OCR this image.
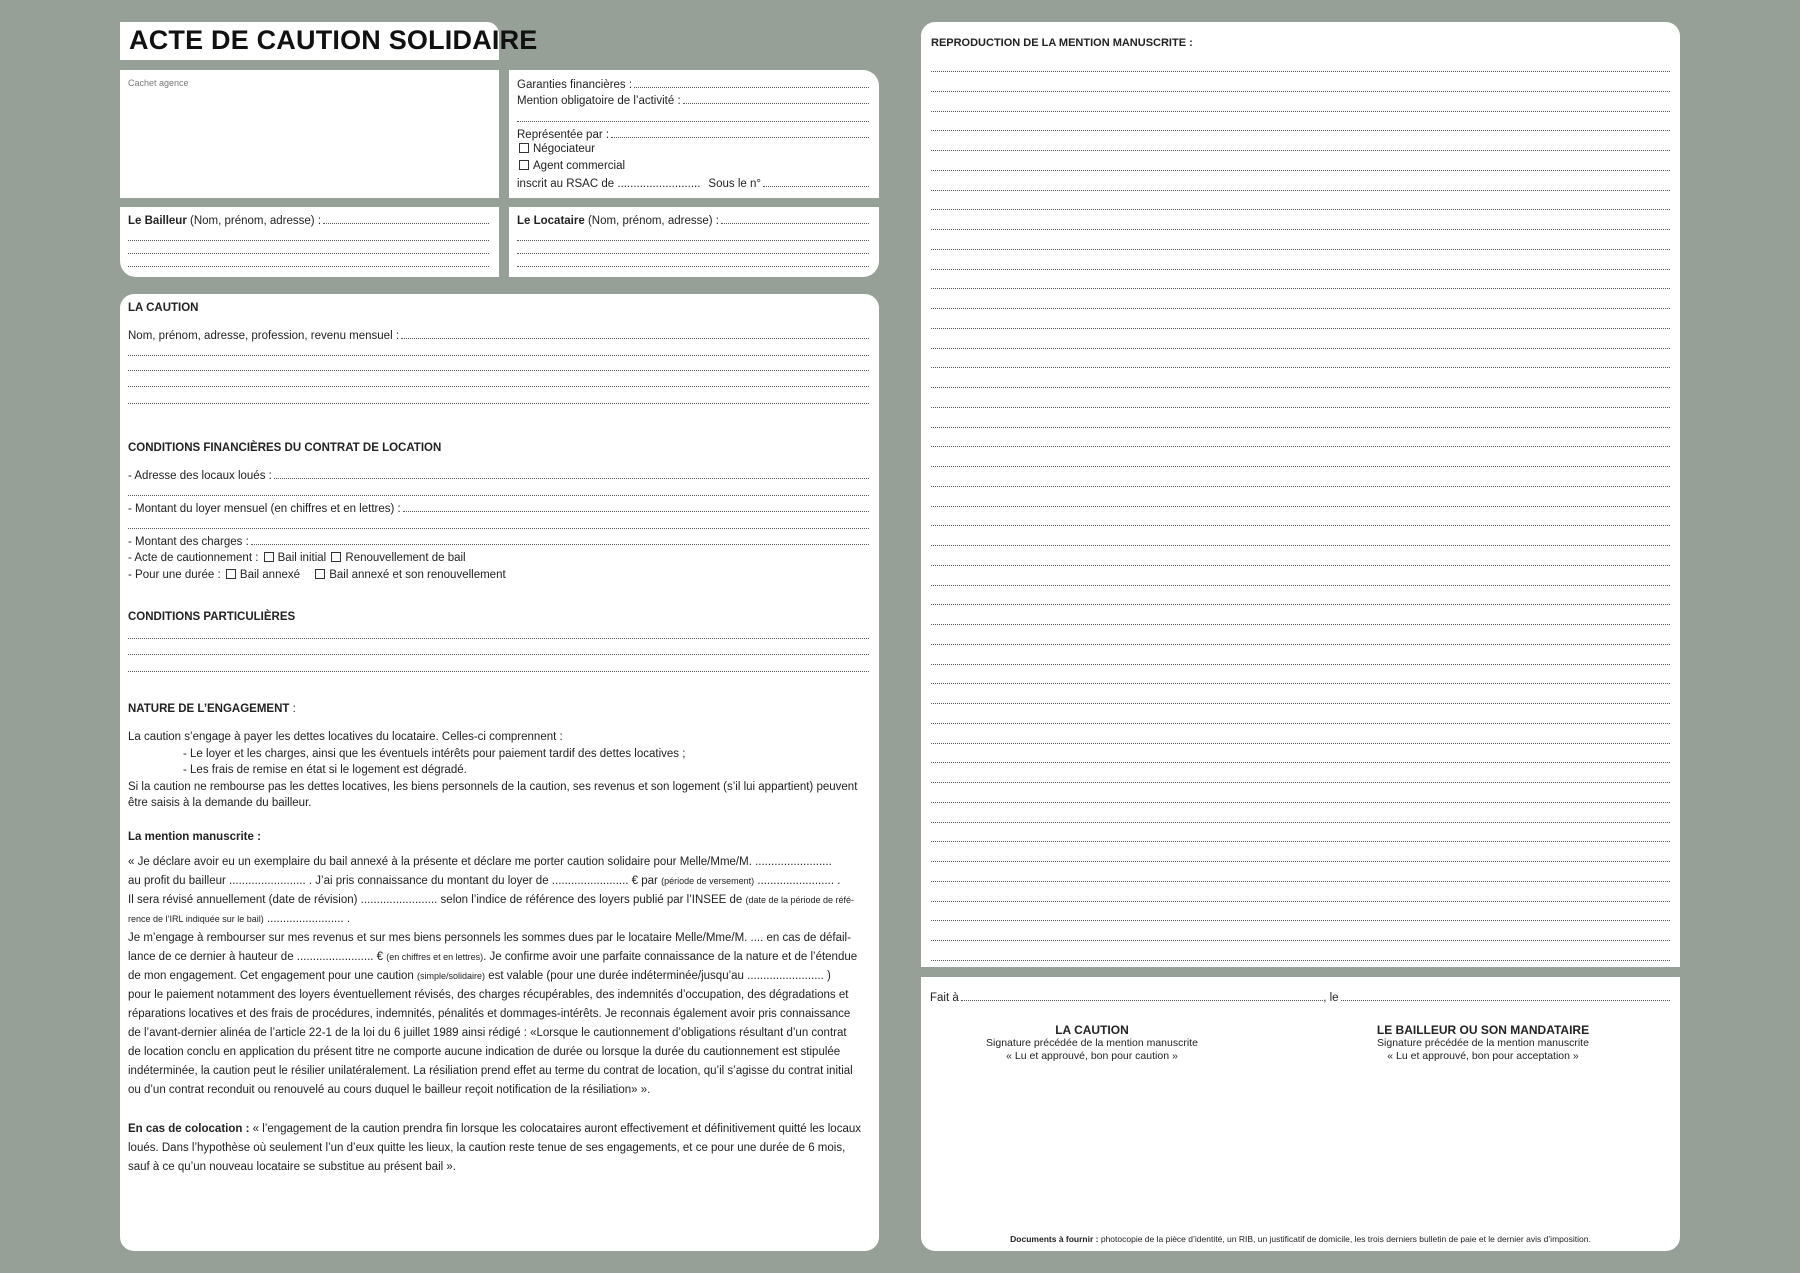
ACTE DE CAUTION SOLIDAIRE
Cachet agence	Garanties financières :
Mention obligatoire de l’activité :
Représentée par :
Négociateur
Agent commercial
inscrit au RSAC de .......................... Sous le n°
Le Bailleur (Nom, prénom, adresse) :	Le Locataire (Nom, prénom, adresse) :
LA CAUTION
Nom, prénom, adresse, profession, revenu mensuel :
CONDITIONS FINANCIÈRES DU CONTRAT DE LOCATION
- Adresse des locaux loués :
- Montant du loyer mensuel (en chiffres et en lettres) :
- Montant des charges :
- Acte de cautionnement : Bail initial Renouvellement de bail
- Pour une durée : Bail annexé	Bail annexé et son renouvellement
CONDITIONS PARTICULIÈRES
NATURE DE L’ENGAGEMENT :
La caution s’engage à payer les dettes locatives du locataire. Celles-ci comprennent :
- Le loyer et les charges, ainsi que les éventuels intérêts pour paiement tardif des dettes locatives ;
- Les frais de remise en état si le logement est dégradé.
Si la caution ne rembourse pas les dettes locatives, les biens personnels de la caution, ses revenus et son logement (s’il lui appartient) peuvent
être saisis à la demande du bailleur.
La mention manuscrite :
« Je déclare avoir eu un exemplaire du bail annexé à la présente et déclare me porter caution solidaire pour Melle/Mme/M. ........................
au profit du bailleur ........................ . J’ai pris connaissance du montant du loyer de ........................ € par (période de versement) ........................ .
Il sera révisé annuellement (date de révision) ........................ selon l’indice de référence des loyers publié par l’INSEE de (date de la période de réfé-
rence de l’IRL indiquée sur le bail) ........................ .
Je m’engage à rembourser sur mes revenus et sur mes biens personnels les sommes dues par le locataire Melle/Mme/M. .... en cas de défail-
lance de ce dernier à hauteur de ........................ € (en chiffres et en lettres). Je confirme avoir une parfaite connaissance de la nature et de l’étendue
de mon engagement. Cet engagement pour une caution (simple/solidaire) est valable (pour une durée indéterminée/jusqu’au ........................ )
pour le paiement notamment des loyers éventuellement révisés, des charges récupérables, des indemnités d’occupation, des dégradations et
réparations locatives et des frais de procédures, indemnités, pénalités et dommages-intérêts. Je reconnais également avoir pris connaissance
de l’avant-dernier alinéa de l’article 22-1 de la loi du 6 juillet 1989 ainsi rédigé : «Lorsque le cautionnement d’obligations résultant d’un contrat
de location conclu en application du présent titre ne comporte aucune indication de durée ou lorsque la durée du cautionnement est stipulée
indéterminée, la caution peut le résilier unilatéralement. La résiliation prend effet au terme du contrat de location, qu’il s’agisse du contrat initial
ou d’un contrat reconduit ou renouvelé au cours duquel le bailleur reçoit notification de la résiliation» ».
En cas de colocation : « l’engagement de la caution prendra fin lorsque les colocataires auront effectivement et définitivement quitté les locaux
loués. Dans l’hypothèse où seulement l’un d’eux quitte les lieux, la caution reste tenue de ses engagements, et ce pour une durée de 6 mois,
sauf à ce qu’un nouveau locataire se substitue au présent bail ».
REPRODUCTION DE LA MENTION MANUSCRITE :
Fait à	, le
LA CAUTION
Signature précédée de la mention manuscrite
« Lu et approuvé, bon pour caution »
LE BAILLEUR OU SON MANDATAIRE
Signature précédée de la mention manuscrite
« Lu et approuvé, bon pour acceptation »
Documents à fournir : photocopie de la pièce d’identité, un RIB, un justificatif de domicile, les trois derniers bulletin de paie et le dernier avis d’imposition.
